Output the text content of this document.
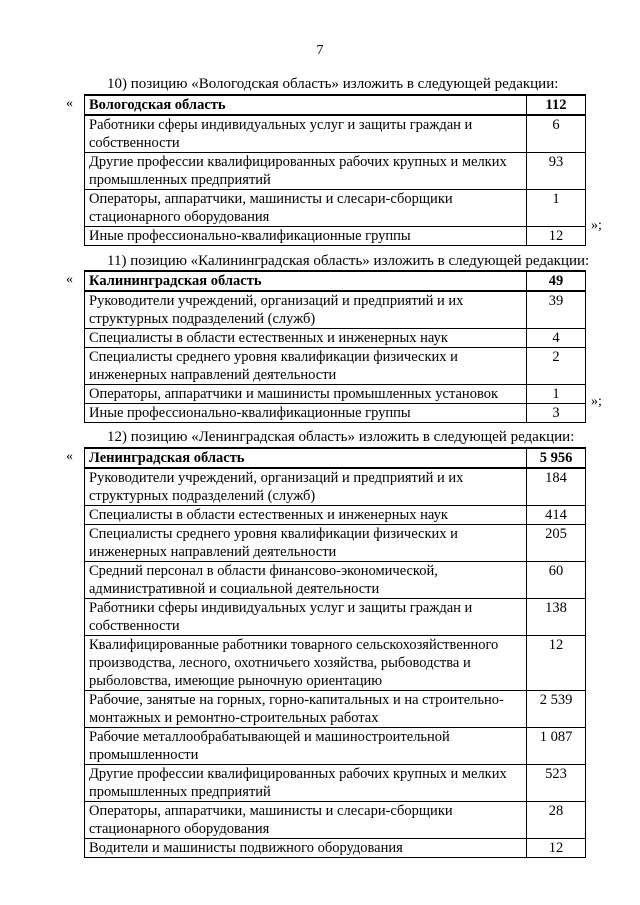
7
10) позицию «Вологодская область» изложить в следующей редакции:
« Вологодская область	112
Работники сферы индивидуальных услуг и защиты граждан и собственности	6
Другие профессии квалифицированных рабочих крупных и мелких промышленных предприятий	93
Операторы, аппаратчики, машинисты и слесари-сборщики стационарного оборудования	1
Иные профессионально-квалификационные группы	12
»;
11) позицию «Калининградская область» изложить в следующей редакции:
« Калининградская область	49
Руководители учреждений, организаций и предприятий и их структурных подразделений (служб)	39
Специалисты в области естественных и инженерных наук	4
Специалисты среднего уровня квалификации физических и инженерных направлений деятельности	2
Операторы, аппаратчики и машинисты промышленных установок	1
Иные профессионально-квалификационные группы	3
»;
12) позицию «Ленинградская область» изложить в следующей редакции:
« Ленинградская область	5 956
Руководители учреждений, организаций и предприятий и их структурных подразделений (служб)	184
Специалисты в области естественных и инженерных наук	414
Специалисты среднего уровня квалификации физических и инженерных направлений деятельности	205
Средний персонал в области финансово-экономической, административной и социальной деятельности	60
Работники сферы индивидуальных услуг и защиты граждан и собственности	138
Квалифицированные работники товарного сельскохозяйственного производства, лесного, охотничьего хозяйства, рыбоводства и рыболовства, имеющие рыночную ориентацию	12
Рабочие, занятые на горных, горно-капитальных и на строительно-монтажных и ремонтно-строительных работах	2 539
Рабочие металлообрабатывающей и машиностроительной промышленности	1 087
Другие профессии квалифицированных рабочих крупных и мелких промышленных предприятий	523
Операторы, аппаратчики, машинисты и слесари-сборщики стационарного оборудования	28
Водители и машинисты подвижного оборудования	12
